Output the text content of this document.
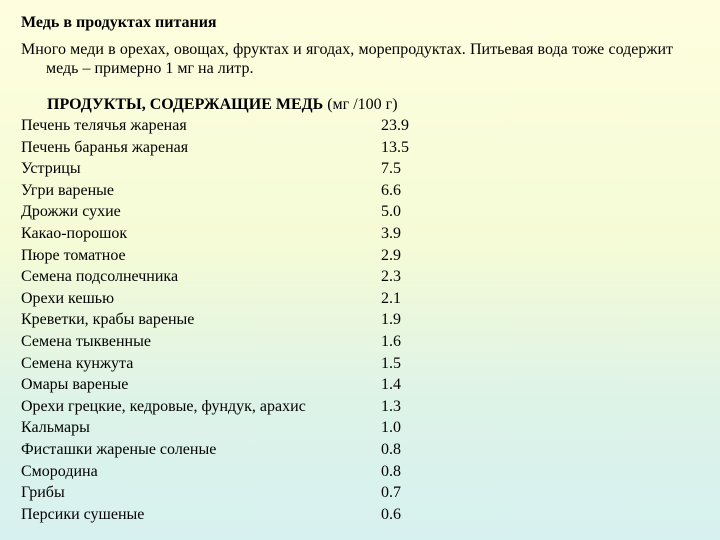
Медь в продуктах питания
Много меди в орехах, овощах, фруктах и ягодах, морепродуктах. Питьевая вода тоже содержит медь – примерно 1 мг на литр.
ПРОДУКТЫ, СОДЕРЖАЩИЕ МЕДЬ (мг /100 г)
Печень телячья жареная	23.9
Печень баранья жареная	13.5
Устрицы	7.5
Угри вареные	6.6
Дрожжи сухие	5.0
Какао-порошок	3.9
Пюре томатное	2.9
Семена подсолнечника	2.3
Орехи кешью	2.1
Креветки, крабы вареные	1.9
Семена тыквенные	1.6
Семена кунжута	1.5
Омары вареные	1.4
Орехи грецкие, кедровые, фундук, арахис	1.3
Кальмары	1.0
Фисташки жареные соленые	0.8
Смородина	0.8
Грибы	0.7
Персики сушеные	0.6
